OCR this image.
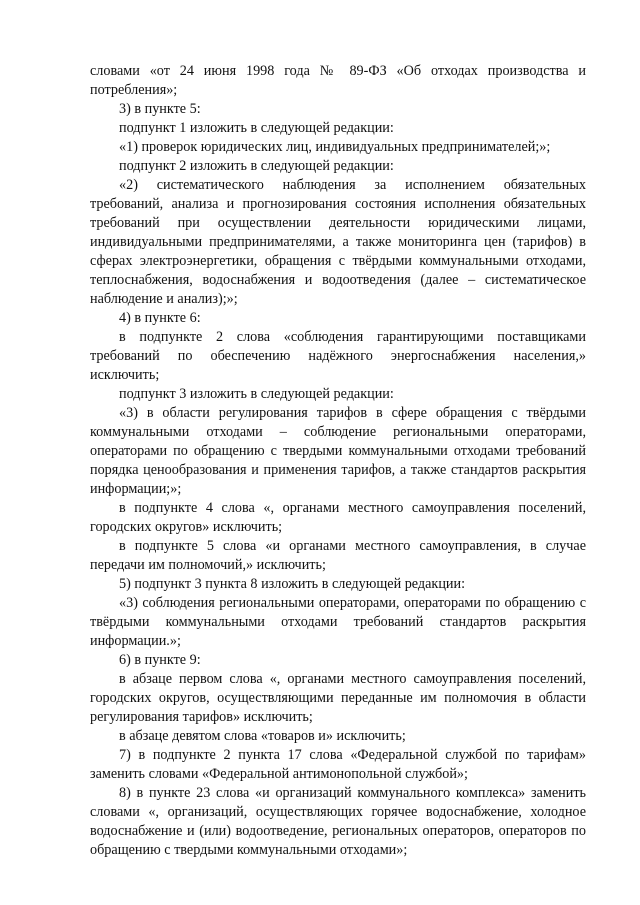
словами «от 24 июня 1998 года № 89-ФЗ «Об отходах производства и потребления»;

3) в пункте 5:

подпункт 1 изложить в следующей редакции:

«1) проверок юридических лиц, индивидуальных предпринимателей;»;

подпункт 2 изложить в следующей редакции:

«2) систематического наблюдения за исполнением обязательных требований, анализа и прогнозирования состояния исполнения обязательных требований при осуществлении деятельности юридическими лицами, индивидуальными предпринимателями, а также мониторинга цен (тарифов) в сферах электроэнергетики, обращения с твёрдыми коммунальными отходами, теплоснабжения, водоснабжения и водоотведения (далее – систематическое наблюдение и анализ);»;

4) в пункте 6:

в подпункте 2 слова «соблюдения гарантирующими поставщиками требований по обеспечению надёжного энергоснабжения населения,» исключить;

подпункт 3 изложить в следующей редакции:

«3) в области регулирования тарифов в сфере обращения с твёрдыми коммунальными отходами – соблюдение региональными операторами, операторами по обращению с твердыми коммунальными отходами требований порядка ценообразования и применения тарифов, а также стандартов раскрытия информации;»;

в подпункте 4 слова «, органами местного самоуправления поселений, городских округов» исключить;

в подпункте 5 слова «и органами местного самоуправления, в случае передачи им полномочий,» исключить;

5) подпункт 3 пункта 8 изложить в следующей редакции:

«3) соблюдения региональными операторами, операторами по обращению с твёрдыми коммунальными отходами требований стандартов раскрытия информации.»;

6) в пункте 9:

в абзаце первом слова «, органами местного самоуправления поселений, городских округов, осуществляющими переданные им полномочия в области регулирования тарифов» исключить;

в абзаце девятом слова «товаров и» исключить;

7) в подпункте 2 пункта 17 слова «Федеральной службой по тарифам» заменить словами «Федеральной антимонопольной службой»;

8) в пункте 23 слова «и организаций коммунального комплекса» заменить словами «, организаций, осуществляющих горячее водоснабжение, холодное водоснабжение и (или) водоотведение, региональных операторов, операторов по обращению с твердыми коммунальными отходами»;
